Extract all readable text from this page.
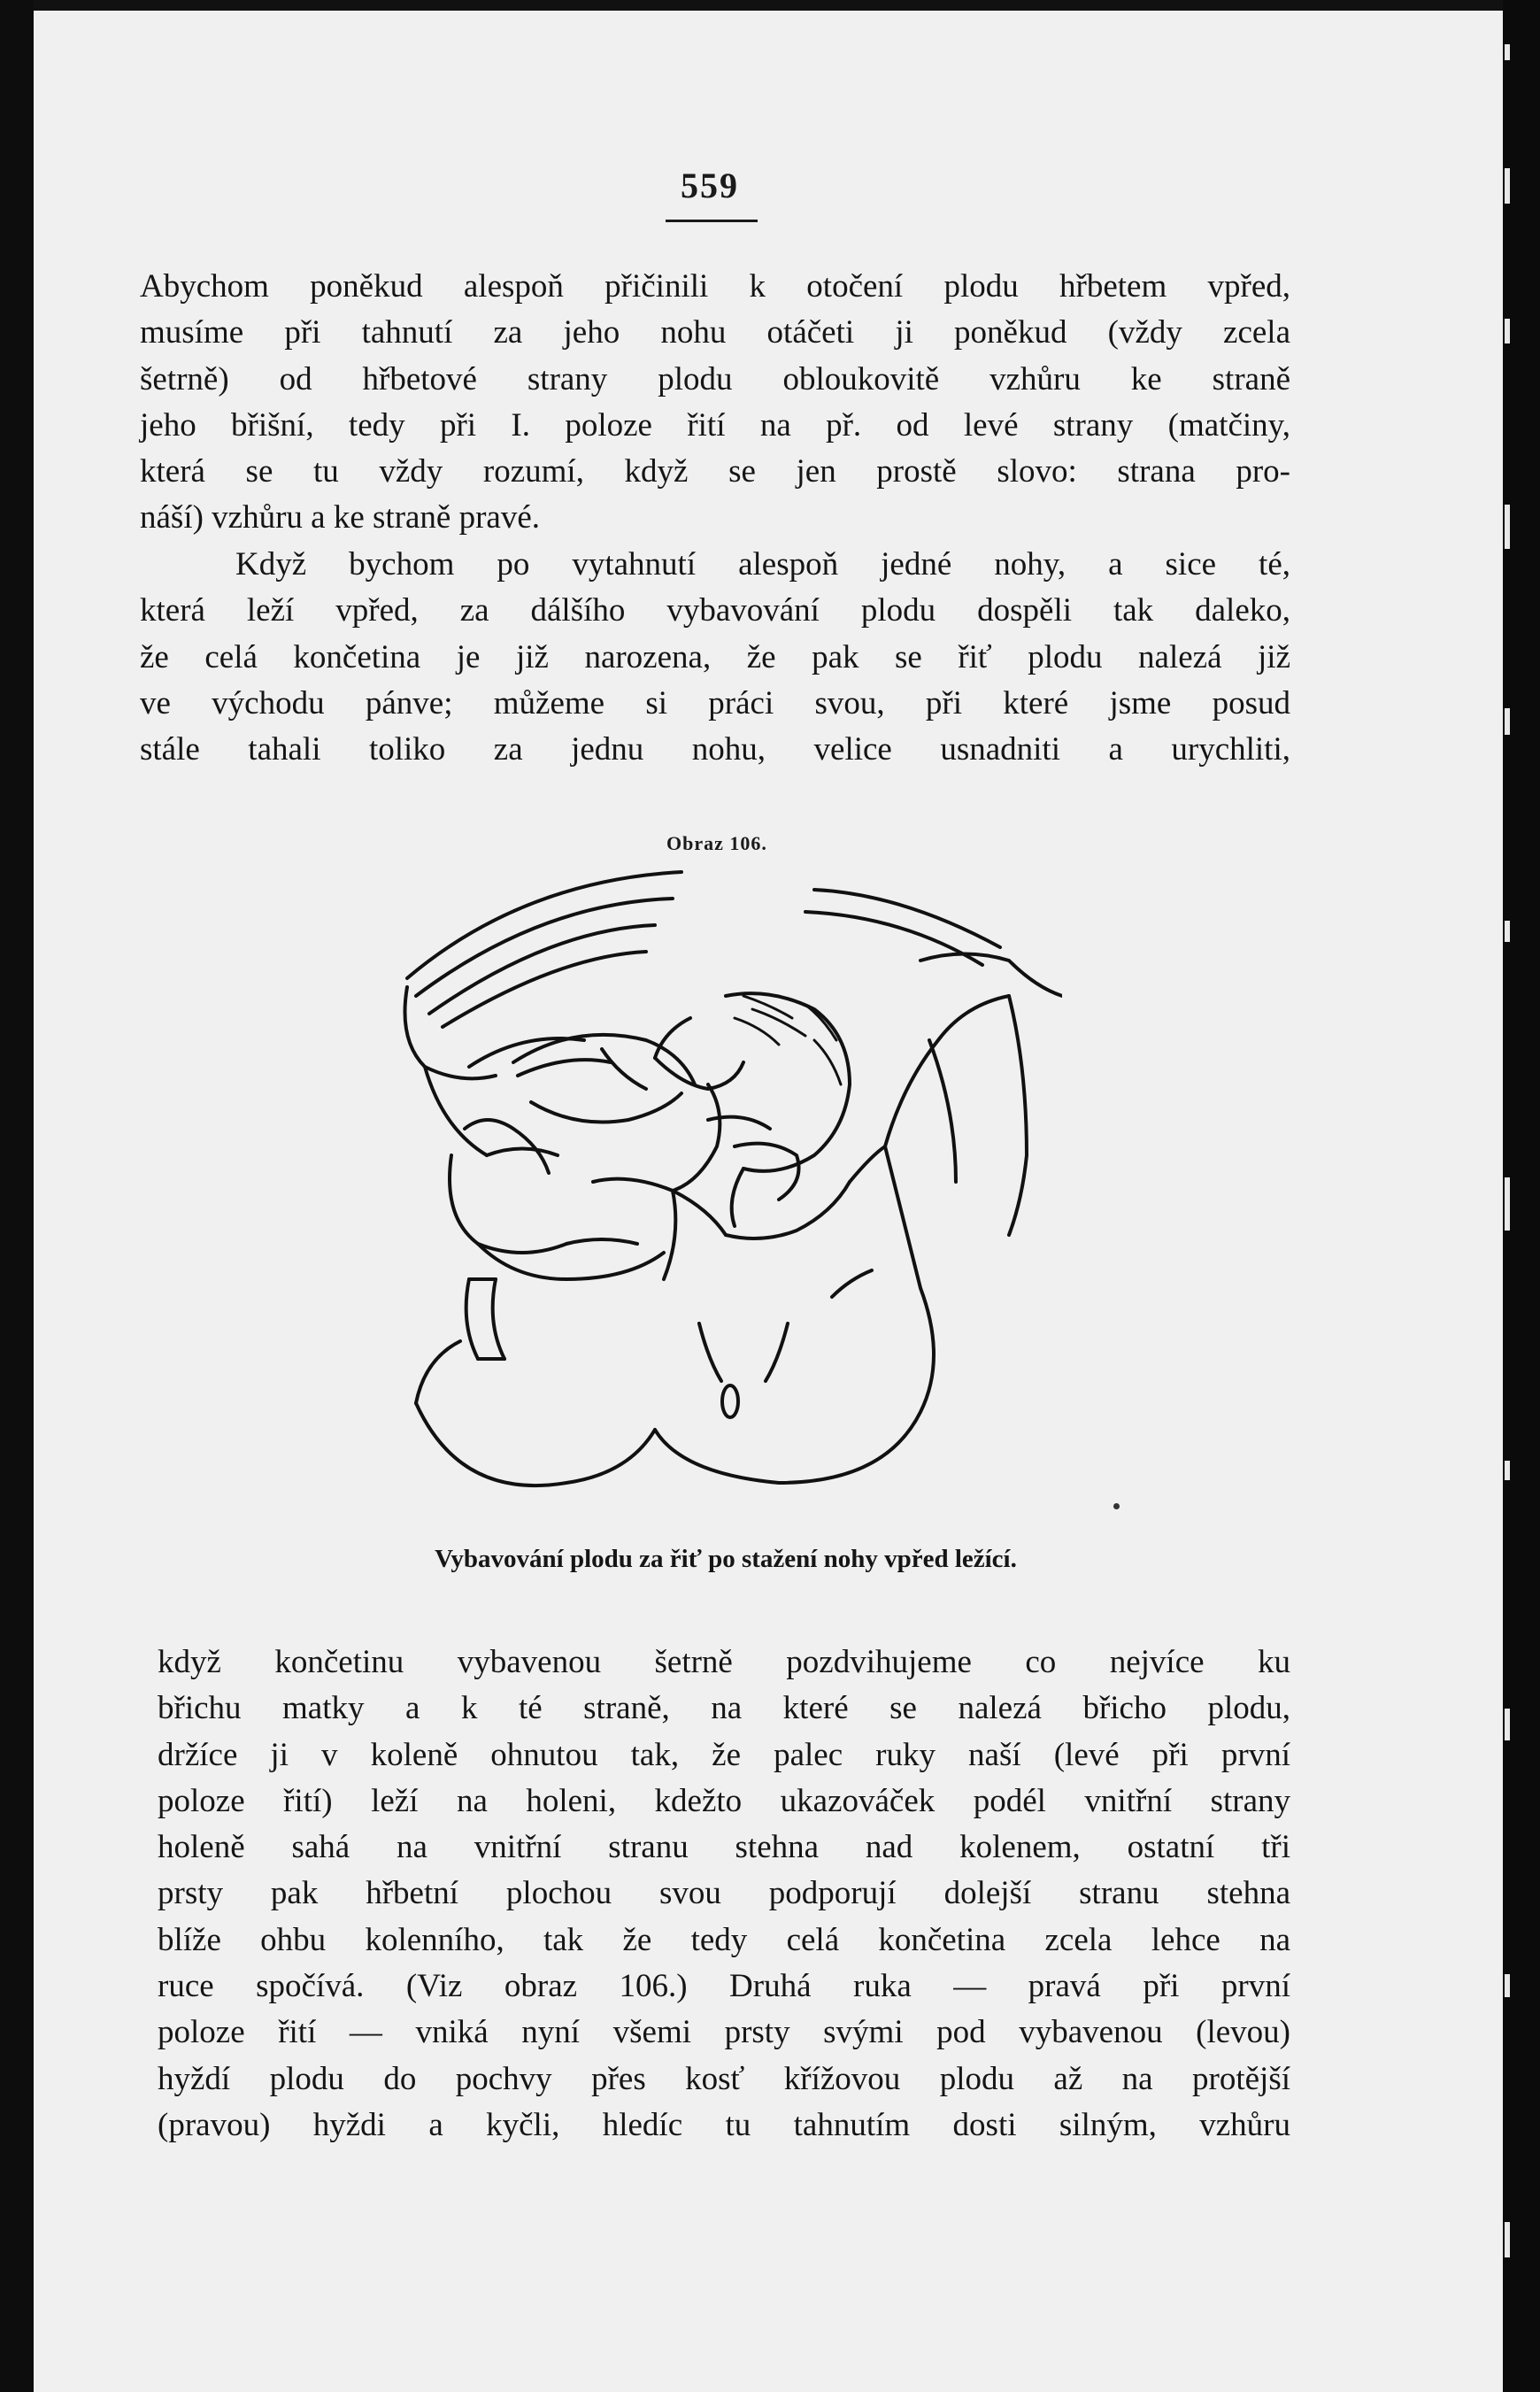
559
Abychom poněkud alespoň přičinili k otočení plodu hřbetem vpřed,
musíme při tahnutí za jeho nohu otáčeti ji poněkud (vždy zcela
šetrně) od hřbetové strany plodu obloukovitě vzhůru ke straně
jeho břišní, tedy při I. poloze řití na př. od levé strany (matčiny,
která se tu vždy rozumí, když se jen prostě slovo: strana pro-
náší) vzhůru a ke straně pravé.
Když bychom po vytahnutí alespoň jedné nohy, a sice té,
která leží vpřed, za dálšího vybavování plodu dospěli tak daleko,
že celá končetina je již narozena, že pak se řiť plodu nalezá již
ve východu pánve; můžeme si práci svou, při které jsme posud
stále tahali toliko za jednu nohu, velice usnadniti a urychliti,
Obraz 106.
Vybavování plodu za řiť po stažení nohy vpřed ležící.
když končetinu vybavenou šetrně pozdvihujeme co nejvíce ku
břichu matky a k té straně, na které se nalezá břicho plodu,
držíce ji v koleně ohnutou tak, že palec ruky naší (levé při první
poloze řití) leží na holeni, kdežto ukazováček podél vnitřní strany
holeně sahá na vnitřní stranu stehna nad kolenem, ostatní tři
prsty pak hřbetní plochou svou podporují dolejší stranu stehna
blíže ohbu kolenního, tak že tedy celá končetina zcela lehce na
ruce spočívá. (Viz obraz 106.) Druhá ruka — pravá při první
poloze řití — vniká nyní všemi prsty svými pod vybavenou (levou)
hyždí plodu do pochvy přes kosť křížovou plodu až na protější
(pravou) hyždi a kyčli, hledíc tu tahnutím dosti silným, vzhůru
